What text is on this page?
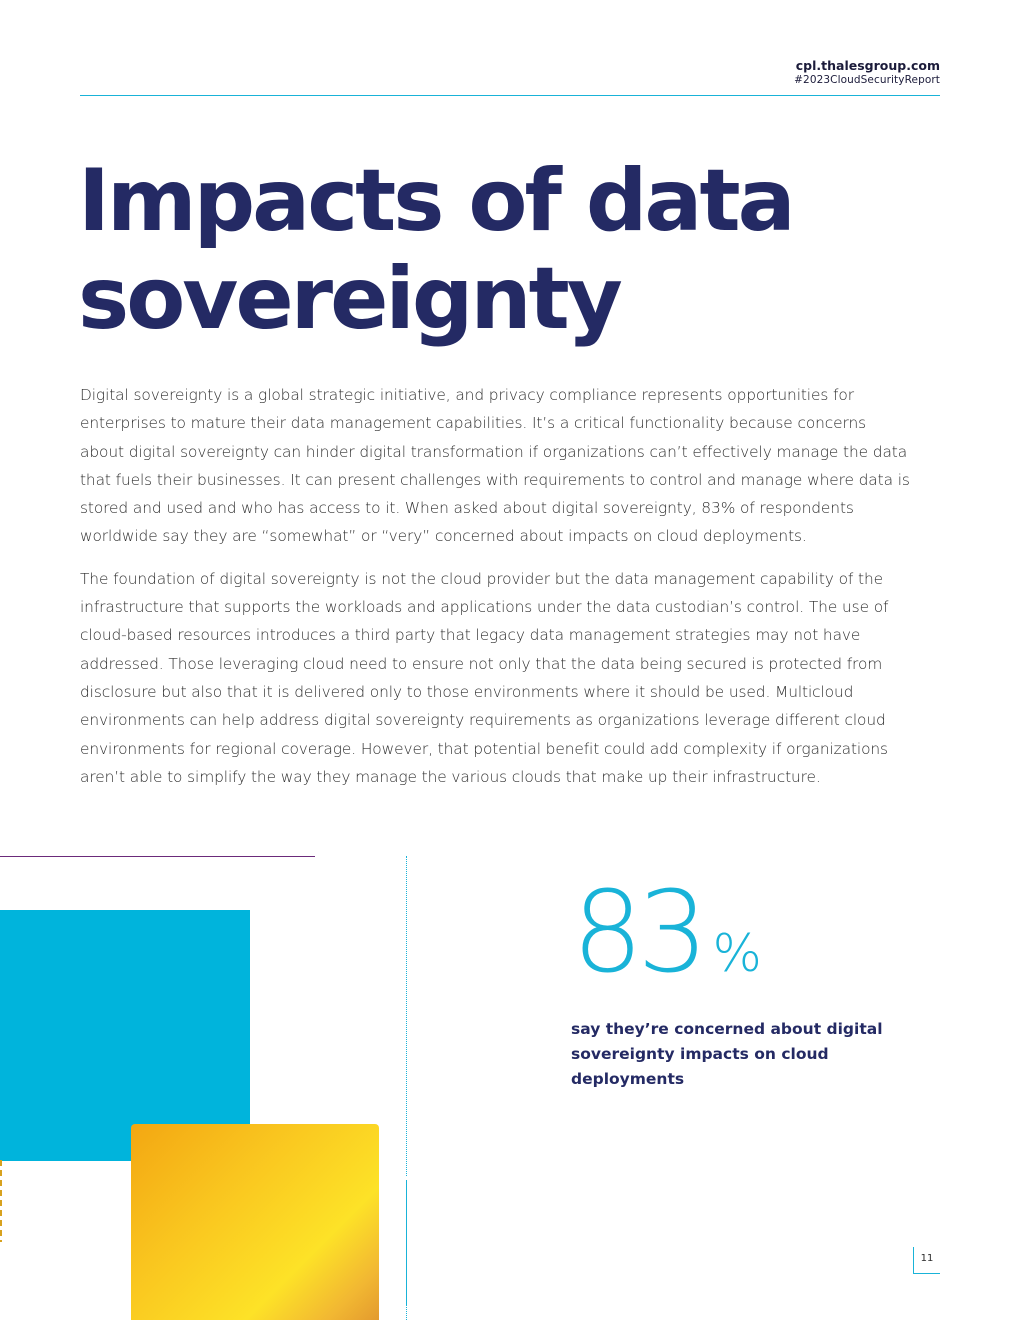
cpl.thalesgroup.com
#2023CloudSecurityReport
Impacts of data
sovereignty

Digital sovereignty is a global strategic initiative, and privacy compliance represents opportunities for enterprises to mature their data management capabilities. It’s a critical functionality because concerns about digital sovereignty can hinder digital transformation if organizations can’t effectively manage the data that fuels their businesses. It can present challenges with requirements to control and manage where data is stored and used and who has access to it. When asked about digital sovereignty, 83% of respondents worldwide say they are “somewhat” or “very” concerned about impacts on cloud deployments.

The foundation of digital sovereignty is not the cloud provider but the data management capability of the infrastructure that supports the workloads and applications under the data custodian’s control. The use of cloud-based resources introduces a third party that legacy data management strategies may not have addressed. Those leveraging cloud need to ensure not only that the data being secured is protected from disclosure but also that it is delivered only to those environments where it should be used. Multicloud environments can help address digital sovereignty requirements as organizations leverage different cloud environments for regional coverage. However, that potential benefit could add complexity if organizations aren’t able to simplify the way they manage the various clouds that make up their infrastructure.

83 %
say they’re concerned about digital
sovereignty impacts on cloud deployments
11
